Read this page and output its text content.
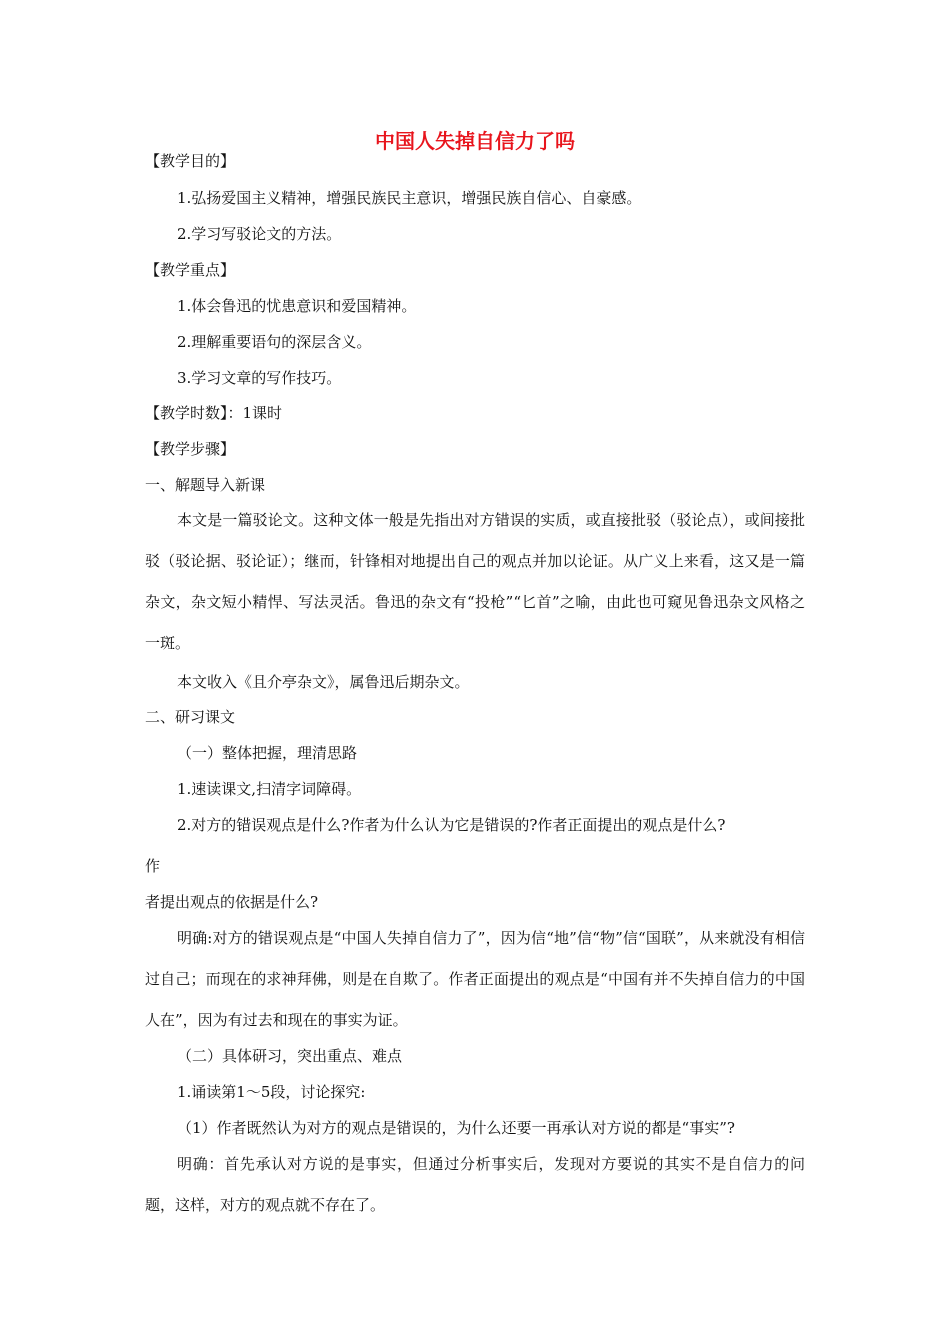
中国人失掉自信力了吗
【教学目的】
1.弘扬爱国主义精神，增强民族民主意识，增强民族自信心、自豪感。
2.学习写驳论文的方法。
【教学重点】
1.体会鲁迅的忧患意识和爱国精神。
2.理解重要语句的深层含义。
3.学习文章的写作技巧。
【教学时数】：1课时
【教学步骤】
一、解题导入新课
本文是一篇驳论文。这种文体一般是先指出对方错误的实质，或直接批驳（驳论点），或间接批驳（驳论据、驳论证）；继而，针锋相对地提出自己的观点并加以论证。从广义上来看，这又是一篇杂文，杂文短小精悍、写法灵活。鲁迅的杂文有“投枪”“匕首”之喻，由此也可窥见鲁迅杂文风格之一斑。
本文收入《且介亭杂文》，属鲁迅后期杂文。
二、研习课文
（一）整体把握，理清思路
1.速读课文,扫清字词障碍。
2.对方的错误观点是什么?作者为什么认为它是错误的?作者正面提出的观点是什么?
作
者提出观点的依据是什么?
明确:对方的错误观点是“中国人失掉自信力了”，因为信“地”信“物”信“国联”，从来就没有相信过自己；而现在的求神拜佛，则是在自欺了。作者正面提出的观点是“中国有并不失掉自信力的中国人在”，因为有过去和现在的事实为证。
（二）具体研习，突出重点、难点
1.诵读第1～5段，讨论探究:
（1）作者既然认为对方的观点是错误的，为什么还要一再承认对方说的都是“事实”?
明确：首先承认对方说的是事实，但通过分析事实后，发现对方要说的其实不是自信力的问题，这样，对方的观点就不存在了。
